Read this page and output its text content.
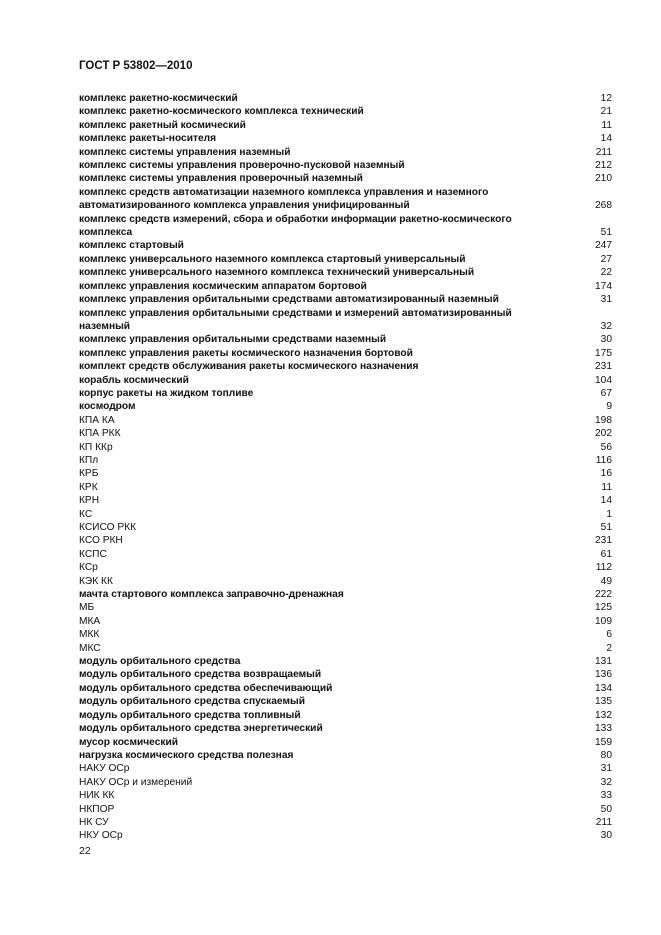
ГОСТ Р 53802—2010
комплекс ракетно-космический	12
комплекс ракетно-космического комплекса технический	21
комплекс ракетный космический	11
комплекс ракеты-носителя	14
комплекс системы управления наземный	211
комплекс системы управления проверочно-пусковой наземный	212
комплекс системы управления проверочный наземный	210
комплекс средств автоматизации наземного комплекса управления и наземного автоматизированного комплекса управления унифицированный	268
комплекс средств измерений, сбора и обработки информации ракетно-космического комплекса	51
комплекс стартовый	247
комплекс универсального наземного комплекса стартовый универсальный	27
комплекс универсального наземного комплекса технический универсальный	22
комплекс управления космическим аппаратом бортовой	174
комплекс управления орбитальными средствами автоматизированный наземный	31
комплекс управления орбитальными средствами и измерений автоматизированный наземный	32
комплекс управления орбитальными средствами наземный	30
комплекс управления ракеты космического назначения бортовой	175
комплект средств обслуживания ракеты космического назначения	231
корабль космический	104
корпус ракеты на жидком топливе	67
космодром	9
КПА КА	198
КПА РКК	202
КП ККр	56
КПл	116
КРБ	16
КРК	11
КРН	14
КС	1
КСИСО РКК	51
КСО РКН	231
КСПС	61
КСр	112
КЭК КК	49
мачта стартового комплекса заправочно-дренажная	222
МБ	125
МКА	109
МКК	6
МКС	2
модуль орбитального средства	131
модуль орбитального средства возвращаемый	136
модуль орбитального средства обеспечивающий	134
модуль орбитального средства спускаемый	135
модуль орбитального средства топливный	132
модуль орбитального средства энергетический	133
мусор космический	159
нагрузка космического средства полезная	80
НАКУ ОСр	31
НАКУ ОСр и измерений	32
НИК КК	33
НКПОР	50
НК СУ	211
НКУ ОСр	30
22
